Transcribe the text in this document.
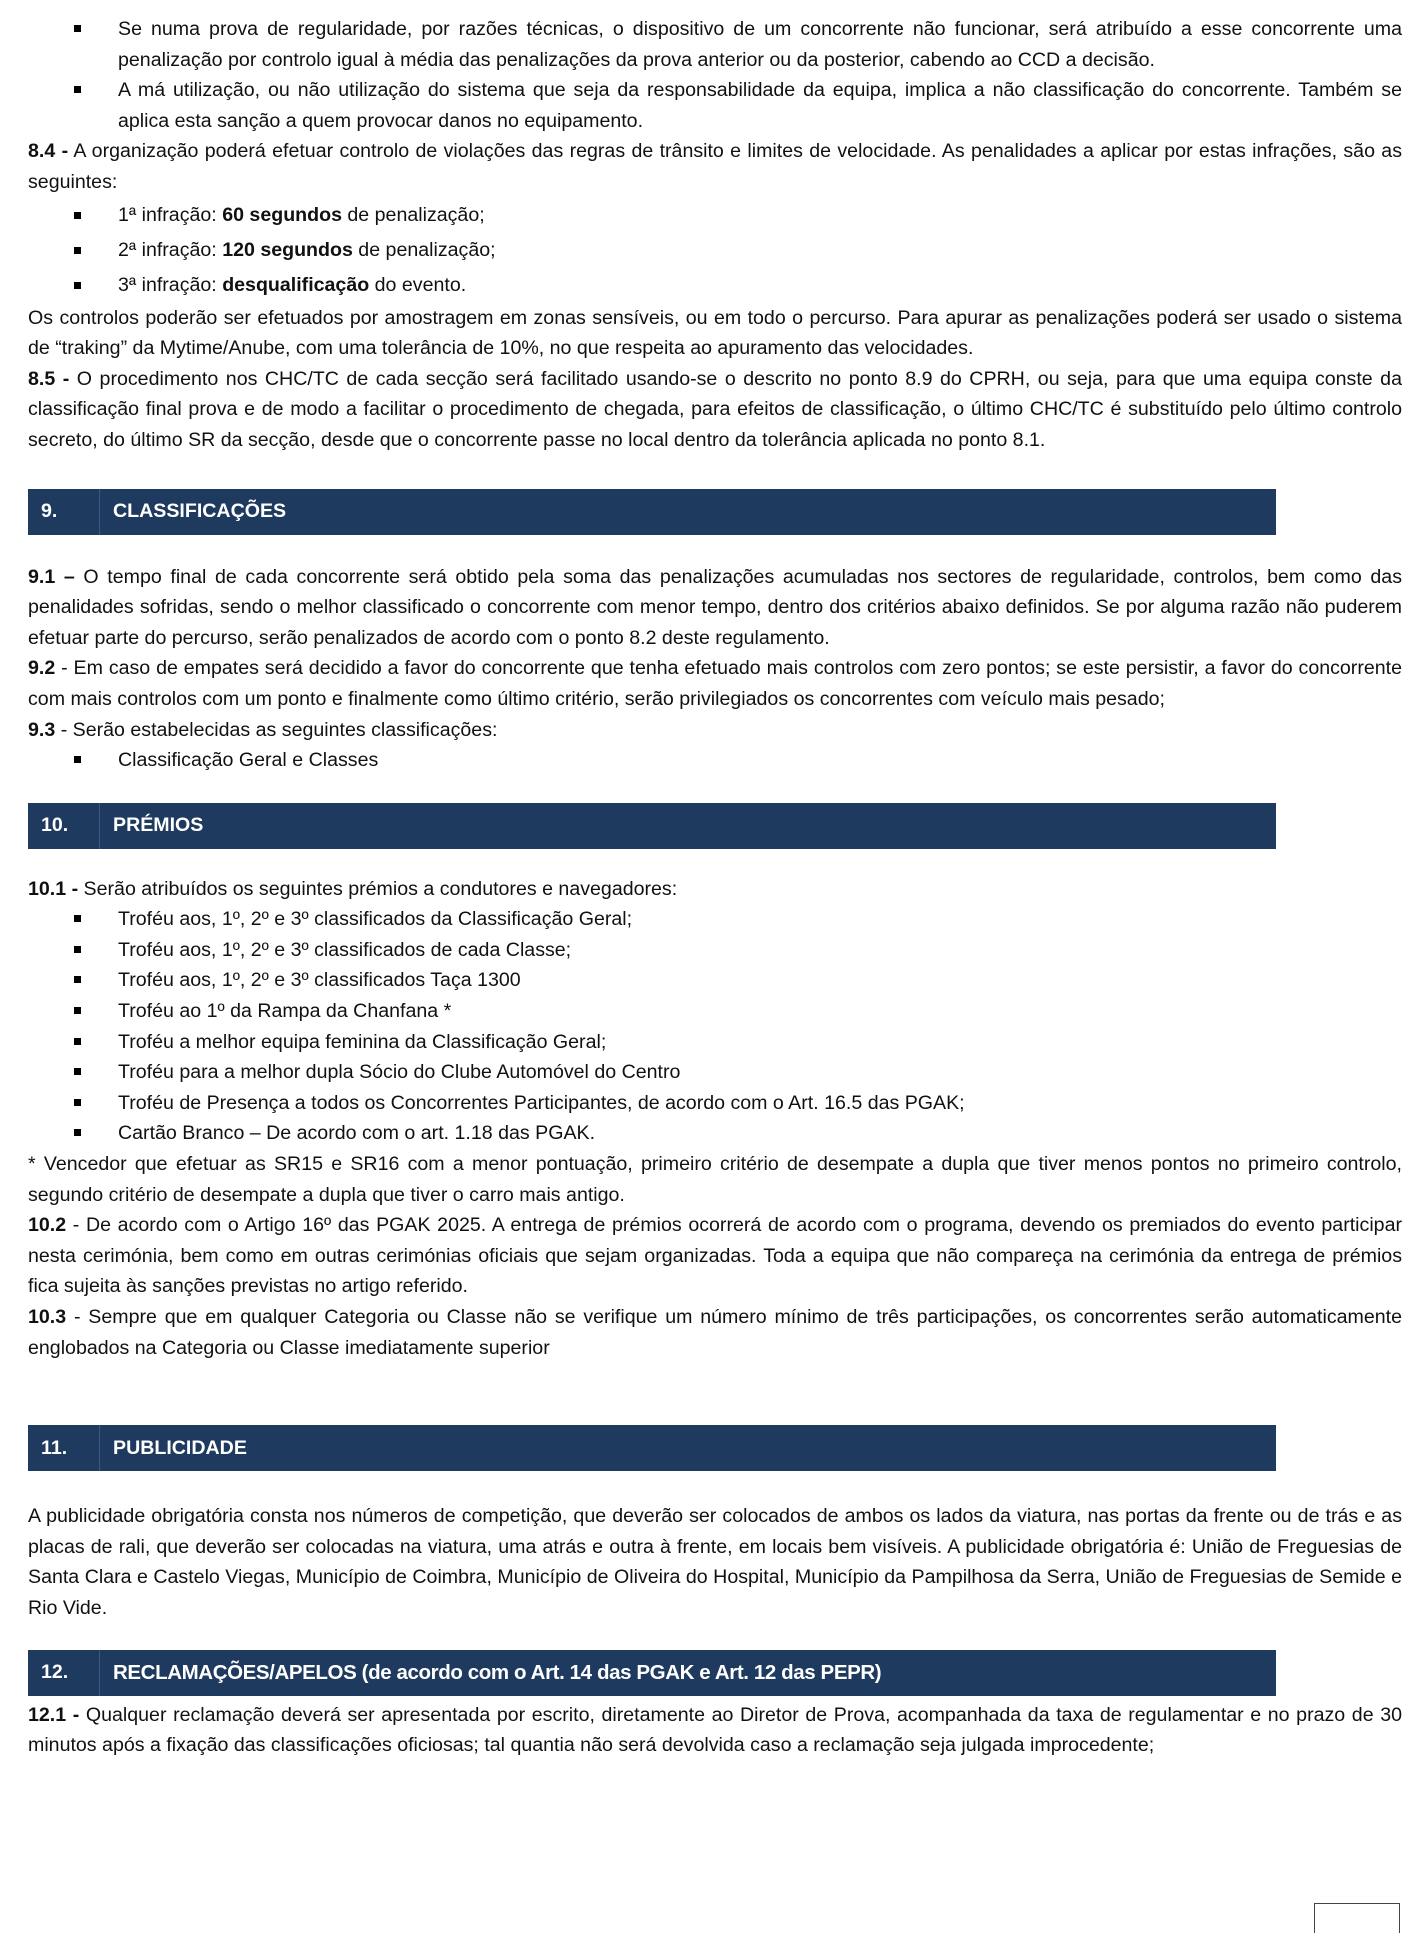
Se numa prova de regularidade, por razões técnicas, o dispositivo de um concorrente não funcionar, será atribuído a esse concorrente uma penalização por controlo igual à média das penalizações da prova anterior ou da posterior, cabendo ao CCD a decisão.
A má utilização, ou não utilização do sistema que seja da responsabilidade da equipa, implica a não classificação do concorrente. Também se aplica esta sanção a quem provocar danos no equipamento.

8.4 - A organização poderá efetuar controlo de violações das regras de trânsito e limites de velocidade. As penalidades a aplicar por estas infrações, são as seguintes:

1ª infração: 60 segundos de penalização;
2ª infração: 120 segundos de penalização;
3ª infração: desqualificação do evento.

Os controlos poderão ser efetuados por amostragem em zonas sensíveis, ou em todo o percurso. Para apurar as penalizações poderá ser usado o sistema de “traking” da Mytime/Anube, com uma tolerância de 10%, no que respeita ao apuramento das velocidades.

8.5 - O procedimento nos CHC/TC de cada secção será facilitado usando-se o descrito no ponto 8.9 do CPRH, ou seja, para que uma equipa conste da classificação final prova e de modo a facilitar o procedimento de chegada, para efeitos de classificação, o último CHC/TC é substituído pelo último controlo secreto, do último SR da secção, desde que o concorrente passe no local dentro da tolerância aplicada no ponto 8.1.

9.	CLASSIFICAÇÕES

9.1 – O tempo final de cada concorrente será obtido pela soma das penalizações acumuladas nos sectores de regularidade, controlos, bem como das penalidades sofridas, sendo o melhor classificado o concorrente com menor tempo, dentro dos critérios abaixo definidos. Se por alguma razão não puderem efetuar parte do percurso, serão penalizados de acordo com o ponto 8.2 deste regulamento.

9.2 - Em caso de empates será decidido a favor do concorrente que tenha efetuado mais controlos com zero pontos; se este persistir, a favor do concorrente com mais controlos com um ponto e finalmente como último critério, serão privilegiados os concorrentes com veículo mais pesado;

9.3 - Serão estabelecidas as seguintes classificações:

Classificação Geral e Classes
10.	PRÉMIOS

10.1 - Serão atribuídos os seguintes prémios a condutores e navegadores:

Troféu aos, 1º, 2º e 3º classificados da Classificação Geral;
Troféu aos, 1º, 2º e 3º classificados de cada Classe;
Troféu aos, 1º, 2º e 3º classificados Taça 1300
Troféu ao 1º da Rampa da Chanfana *
Troféu a melhor equipa feminina da Classificação Geral;
Troféu para a melhor dupla Sócio do Clube Automóvel do Centro
Troféu de Presença a todos os Concorrentes Participantes, de acordo com o Art. 16.5 das PGAK;
Cartão Branco – De acordo com o art. 1.18 das PGAK.

* Vencedor que efetuar as SR15 e SR16 com a menor pontuação, primeiro critério de desempate a dupla que tiver menos pontos no primeiro controlo, segundo critério de desempate a dupla que tiver o carro mais antigo.

10.2 - De acordo com o Artigo 16º das PGAK 2025. A entrega de prémios ocorrerá de acordo com o programa, devendo os premiados do evento participar nesta cerimónia, bem como em outras cerimónias oficiais que sejam organizadas. Toda a equipa que não compareça na cerimónia da entrega de prémios fica sujeita às sanções previstas no artigo referido.

10.3 - Sempre que em qualquer Categoria ou Classe não se verifique um número mínimo de três participações, os concorrentes serão automaticamente englobados na Categoria ou Classe imediatamente superior

11.	PUBLICIDADE

A publicidade obrigatória consta nos números de competição, que deverão ser colocados de ambos os lados da viatura, nas portas da frente ou de trás e as placas de rali, que deverão ser colocadas na viatura, uma atrás e outra à frente, em locais bem visíveis. A publicidade obrigatória é: União de Freguesias de Santa Clara e Castelo Viegas, Município de Coimbra, Município de Oliveira do Hospital, Município da Pampilhosa da Serra, União de Freguesias de Semide e Rio Vide.

12.	RECLAMAÇÕES/APELOS (de acordo com o Art. 14 das PGAK e Art. 12 das PEPR)

12.1 - Qualquer reclamação deverá ser apresentada por escrito, diretamente ao Diretor de Prova, acompanhada da taxa de regulamentar e no prazo de 30 minutos após a fixação das classificações oficiosas; tal quantia não será devolvida caso a reclamação seja julgada improcedente;
